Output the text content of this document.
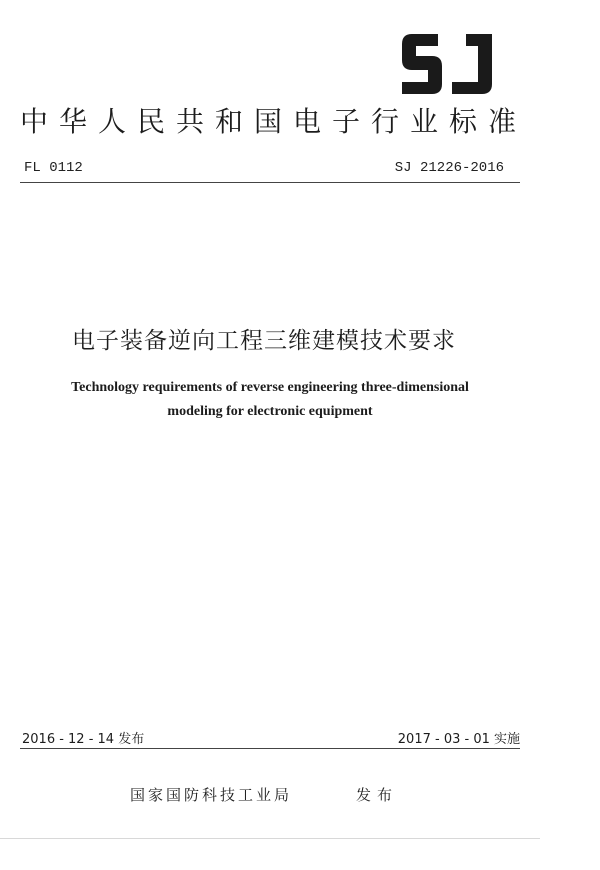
中华人民共和国电子行业标准
FL 0112	SJ 21226-2016
电子装备逆向工程三维建模技术要求
Technology requirements of reverse engineering three-dimensional
modeling for electronic equipment
2016 - 12 - 14 发布	2017 - 03 - 01 实施
国家国防科技工业局	发布
